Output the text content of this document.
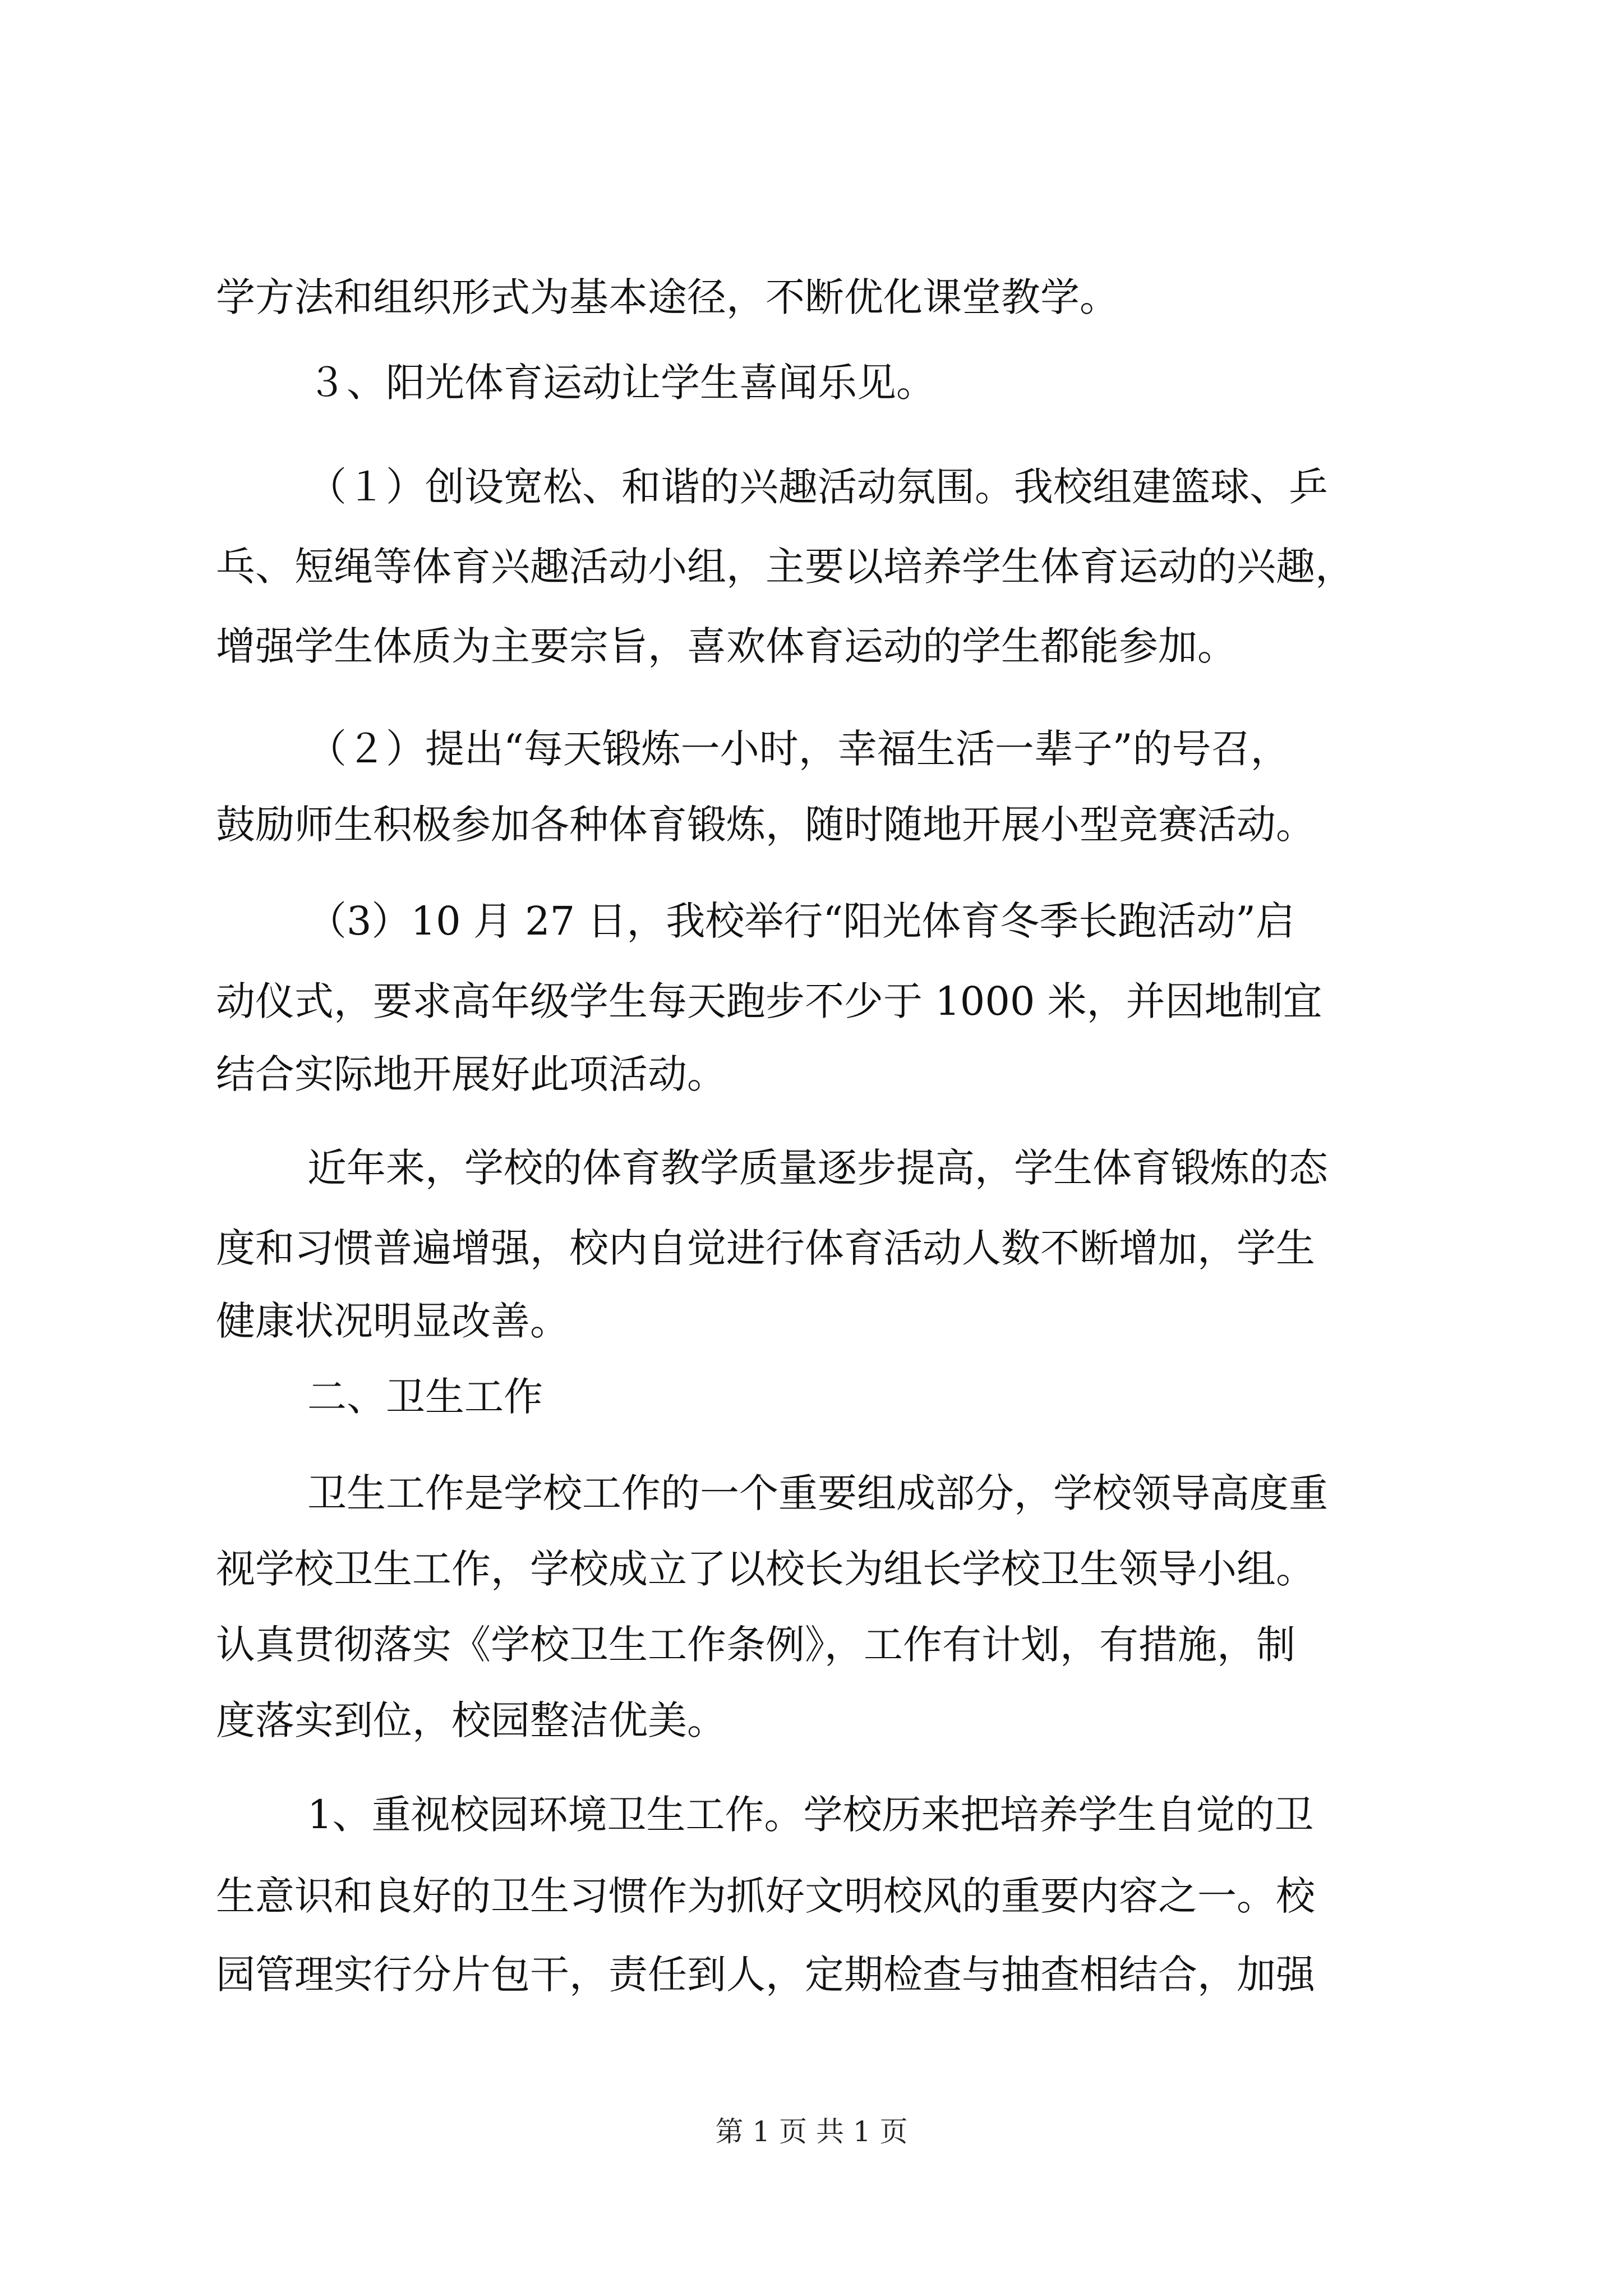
学方法和组织形式为基本途径，不断优化课堂教学。
３、阳光体育运动让学生喜闻乐见。
（１）创设宽松、和谐的兴趣活动氛围。我校组建篮球、乒
乓、短绳等体育兴趣活动小组，主要以培养学生体育运动的兴趣，
增强学生体质为主要宗旨，喜欢体育运动的学生都能参加。
（２）提出“每天锻炼一小时，幸福生活一辈子”的号召，
鼓励师生积极参加各种体育锻炼，随时随地开展小型竞赛活动。
（3）10 月 27 日，我校举行“阳光体育冬季长跑活动”启
动仪式，要求高年级学生每天跑步不少于 1000 米，并因地制宜
结合实际地开展好此项活动。
近年来，学校的体育教学质量逐步提高，学生体育锻炼的态
度和习惯普遍增强，校内自觉进行体育活动人数不断增加，学生
健康状况明显改善。
二、卫生工作
卫生工作是学校工作的一个重要组成部分，学校领导高度重
视学校卫生工作，学校成立了以校长为组长学校卫生领导小组。
认真贯彻落实《学校卫生工作条例》，工作有计划，有措施，制
度落实到位，校园整洁优美。
1、重视校园环境卫生工作。学校历来把培养学生自觉的卫
生意识和良好的卫生习惯作为抓好文明校风的重要内容之一。校
园管理实行分片包干，责任到人，定期检查与抽查相结合，加强
第 1 页 共 1 页
